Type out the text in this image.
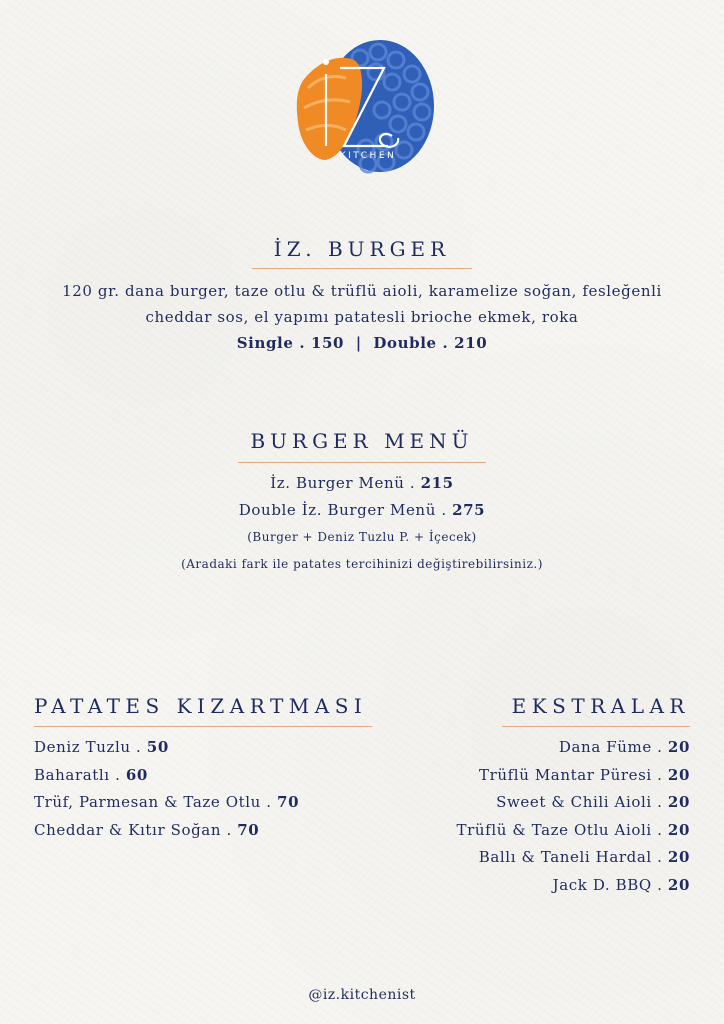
KITCHEN
İZ. BURGER
120 gr. dana burger, taze otlu & trüflü aioli, karamelize soğan, fesleğenli
cheddar sos, el yapımı patatesli brioche ekmek, roka
Single . 150  |  Double . 210
BURGER MENÜ
İz. Burger Menü . 215
Double İz. Burger Menü . 275
(Burger + Deniz Tuzlu P. + İçecek)
(Aradaki fark ile patates tercihinizi değiştirebilirsiniz.)
PATATES KIZARTMASI
Deniz Tuzlu . 50
Baharatlı . 60
Trüf, Parmesan & Taze Otlu . 70
Cheddar & Kıtır Soğan . 70
EKSTRALAR
Dana Füme . 20
Trüflü Mantar Püresi . 20
Sweet & Chili Aioli . 20
Trüflü & Taze Otlu Aioli . 20
Ballı & Taneli Hardal . 20
Jack D. BBQ . 20
@iz.kitchenist
